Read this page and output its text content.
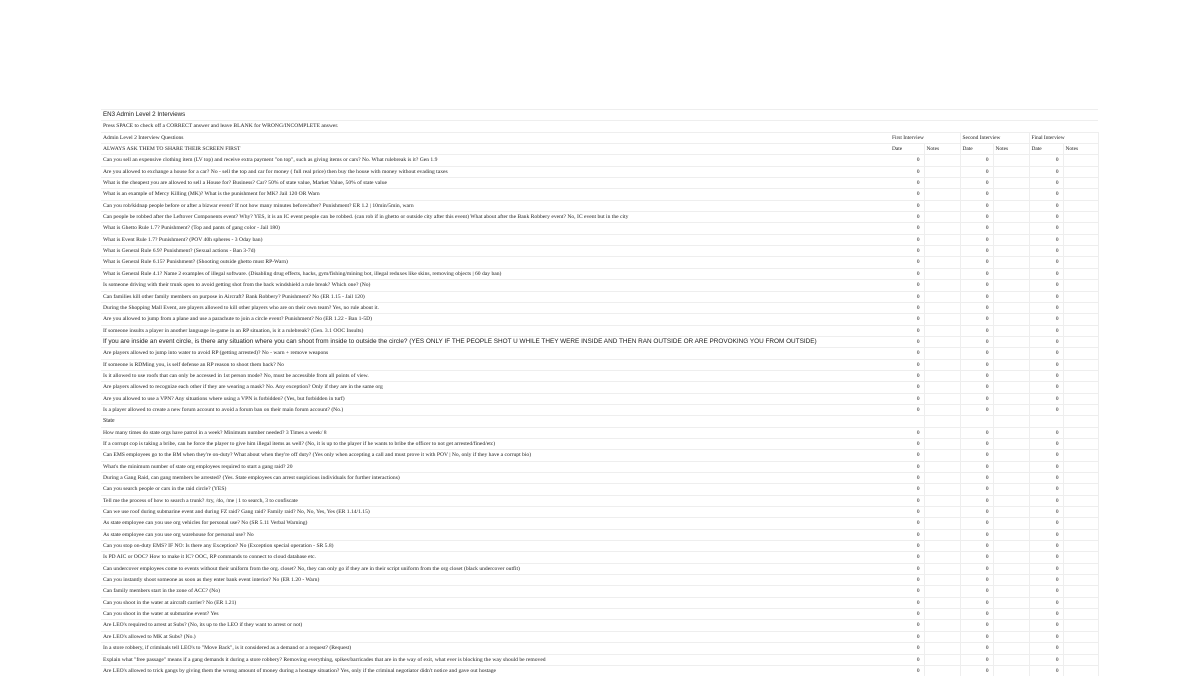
EN3 Admin Level 2 Interviews						
Press SPACE to check off a CORRECT answer and leave BLANK for WRONG/INCOMPLETE answer.						
Admin Level 2 Interview Questions	First Interview		Second Interview		Final Interview	
ALWAYS ASK THEM TO SHARE THEIR SCREEN FIRST	Date	Notes	Date	Notes	Date	Notes
Can you sell an expensive clothing item (LV top) and receive extra payment "on top", such as giving items or cars? No. What rulebreak is it? Gen 1.9	0		0		0	
Are you allowed to exchange a house for a car? No - sell the top and car for money ( full real price) then buy the house with money without evading taxes	0		0		0	
What is the cheapest you are allowed to sell a House for? Business? Car? 50% of state value, Market Value, 50% of state value	0		0		0	
What is an example of Mercy Killing (MK)? What is the punishment for MK? Jail 120 OR Warn	0		0		0	
Can you rob/kidnap people before or after a bizwar event? If not how many minutes before/after? Punishment? ER 1.2 | 10min/5min, warn	0		0		0	
Can people be robbed after the Leftover Components event? Why? YES, it is an IC event people can be robbed. (can rob if in ghetto or outside city after this event) What about after the Bank Robbery event? No, IC event but in the city	0		0		0	
What is Ghetto Rule 1.7? Punishment? (Top and pants of gang color - Jail 180)	0		0		0	
What is Event Rule 1.7? Punishment? (POV 40h spheres - 3 Oday ban)	0		0		0	
What is General Rule 6.9? Punishment? (Sexual actions - Ban 3-7d)	0		0		0	
What is General Rule 6.15? Punishment? (Shooting outside ghetto must RP-Warn)	0		0		0	
What is General Rule 4.1? Name 2 examples of illegal software. (Disabling drug effects, hacks, gym/fishing/mining bot, illegal reduxes like skins, removing objects | 60 day ban)	0		0		0	
Is someone driving with their trunk open to avoid getting shot from the back windshield a rule break? Which one? (No)	0		0		0	
Can families kill other family members on purpose in Aircraft? Bank Robbery? Punishment? No (ER 1.15 - Jail 120)	0		0		0	
During the Shopping Mall Event, are players allowed to kill other players who are on their own team? Yes, no rule about it.	0		0		0	
Are you allowed to jump from a plane and use a parachute to join a circle event? Punishment? No (ER 1.22 - Ban 1-5D)	0		0		0	
If someone insults a player in another language in-game in an RP situation, is it a rulebreak? (Gen. 3.1 OOC Insults)	0		0		0	
If you are inside an event circle, is there any situation where you can shoot from inside to outside the circle? (YES ONLY IF THE PEOPLE SHOT U WHILE THEY WERE INSIDE AND THEN RAN OUTSIDE OR ARE PROVOKING YOU FROM OUTSIDE)	0		0		0	
Are players allowed to jump into water to avoid RP (getting arrested)? No - warn + remove weapons	0		0		0	
If someone is RDMing you, is self defense an RP reason to shoot them back? No	0		0		0	
Is it allowed to use roofs that can only be accessed in 1st person mode? No, must be accessible from all points of view.	0		0		0	
Are players allowed to recognize each other if they are wearing a mask? No. Any exception? Only if they are in the same org	0		0		0	
Are you allowed to use a VPN? Any situations where using a VPN is forbidden? (Yes, but forbidden in turf)	0		0		0	
Is a player allowed to create a new forum account to avoid a forum ban on their main forum account? (No.)	0		0		0	
State						
How many times do state orgs have patrol in a week? Minimum number needed? 3 Times a week/ 8	0		0		0	
If a corrupt cop is taking a bribe, can he force the player to give him illegal items as well? (No, it is up to the player if he wants to bribe the officer to not get arrested/fined/etc)	0		0		0	
Can EMS employees go to the BM when they're on-duty? What about when they're off duty? (Yes only when accepting a call and must prove it with POV | No, only if they have a corrupt bio)	0		0		0	
What's the minimum number of state org employees required to start a gang raid? 20	0		0		0	
During a Gang Raid, can gang members be arrested? (Yes. State employees can arrest suspicious individuals for further interactions)	0		0		0	
Can you search people or cars in the raid circle? (YES)	0		0		0	
Tell me the process of how to search a trunk? /try, /do, /me | 1 to search, 3 to confiscate	0		0		0	
Can we use roof during submarine event and during FZ raid? Gang raid? Family raid? No, No, Yes, Yes (ER 1.14/1.15)	0		0		0	
As state employee can you use org vehicles for personal use? No (SR 5.11 Verbal Warning)	0		0		0	
As state employee can you use org warehouse for personal use? No	0		0		0	
Can you stop on-duty EMS? IF NO: Is there any Exception? No (Exception special operation - SR 5.8)	0		0		0	
Is PD AIC or OOC? How to make it IC? OOC, RP commands to connect to cloud database etc.	0		0		0	
Can undercover employees come to events without their uniform from the org. closet? No, they can only go if they are in their script uniform from the org closet (black undercover outfit)	0		0		0	
Can you instantly shoot someone as soon as they enter bank event interior? No (ER 1.20 - Warn)	0		0		0	
Can family members start in the zone of ACC? (No)	0		0		0	
Can you shoot in the water at aircraft carrier? No (ER 1.21)	0		0		0	
Can you shoot in the water at submarine event? Yes	0		0		0	
Are LEO's required to arrest at Subs? (No, its up to the LEO if they want to arrest or not)	0		0		0	
Are LEO's allowed to MK at Subs? (No.)	0		0		0	
In a store robbery, if criminals tell LEO's to "Move Back", is it considered as a demand or a request? (Request)	0		0		0	
Explain what "free passage" means if a gang demands it during a store robbery? Removing everything, spikes/barricades that are in the way of exit, what ever is blocking the way should be removed	0		0		0	
Are LEO's allowed to trick gangs by giving them the wrong amount of money during a hostage situation? Yes, only if the criminal negotiator didn't notice and gave out hostage	0		0		0	
